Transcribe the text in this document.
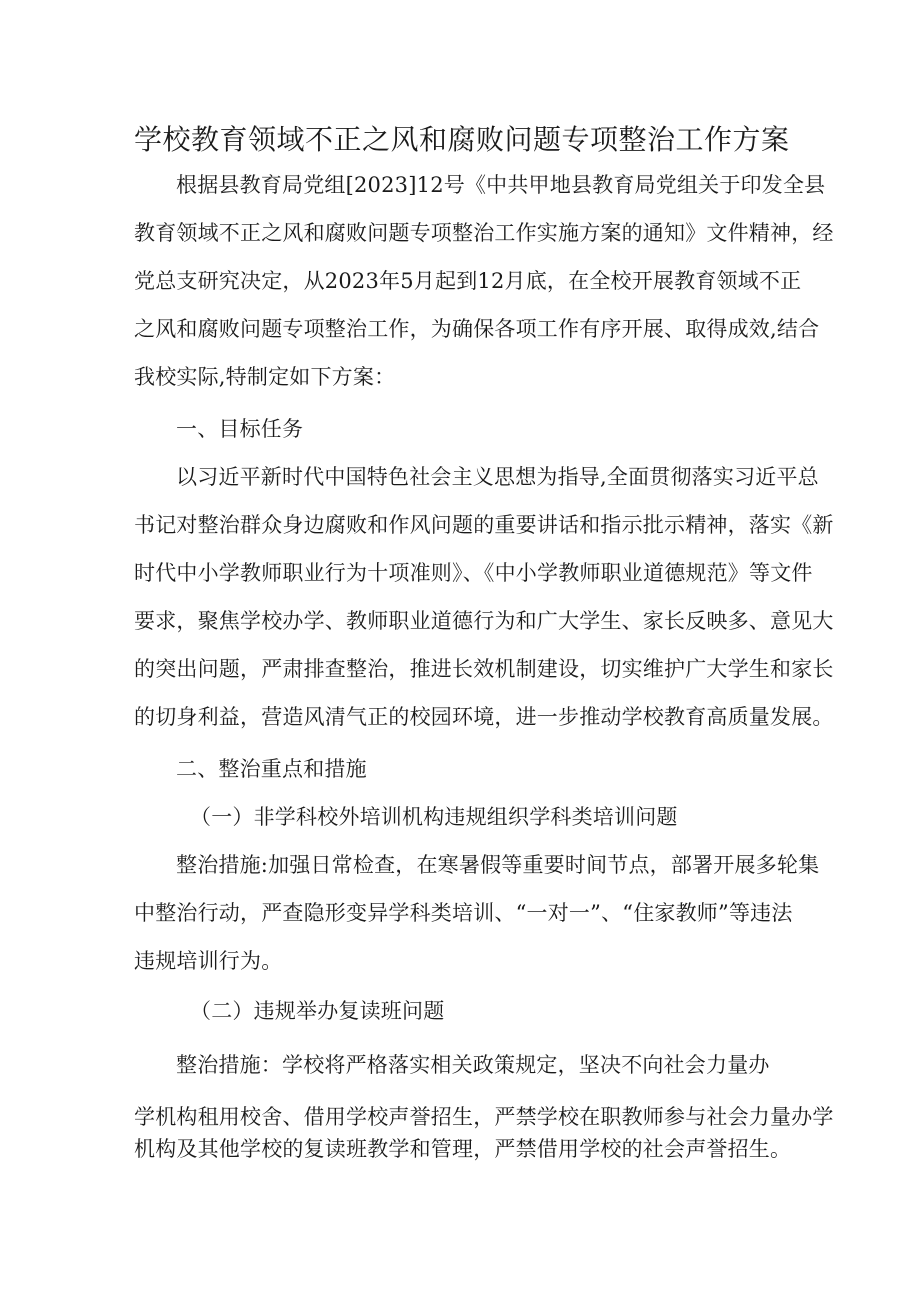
学校教育领域不正之风和腐败问题专项整治工作方案
根据县教育局党组[2023]12号《中共甲地县教育局党组关于印发全县
教育领域不正之风和腐败问题专项整治工作实施方案的通知》文件精神，经
党总支研究决定，从2023年5月起到12月底，在全校开展教育领域不正
之风和腐败问题专项整治工作，为确保各项工作有序开展、取得成效,结合
我校实际,特制定如下方案：
一、目标任务
以习近平新时代中国特色社会主义思想为指导,全面贯彻落实习近平总
书记对整治群众身边腐败和作风问题的重要讲话和指示批示精神，落实《新
时代中小学教师职业行为十项准则》、《中小学教师职业道德规范》等文件
要求，聚焦学校办学、教师职业道德行为和广大学生、家长反映多、意见大
的突出问题，严肃排查整治，推进长效机制建设，切实维护广大学生和家长
的切身利益，营造风清气正的校园环境，进一步推动学校教育高质量发展。
二、整治重点和措施
（一）非学科校外培训机构违规组织学科类培训问题
整治措施:加强日常检查，在寒暑假等重要时间节点，部署开展多轮集
中整治行动，严查隐形变异学科类培训、“一对一”、“住家教师”等违法
违规培训行为。
（二）违规举办复读班问题
整治措施：学校将严格落实相关政策规定，坚决不向社会力量办
学机构租用校舍、借用学校声誉招生，严禁学校在职教师参与社会力量办学
机构及其他学校的复读班教学和管理，严禁借用学校的社会声誉招生。
